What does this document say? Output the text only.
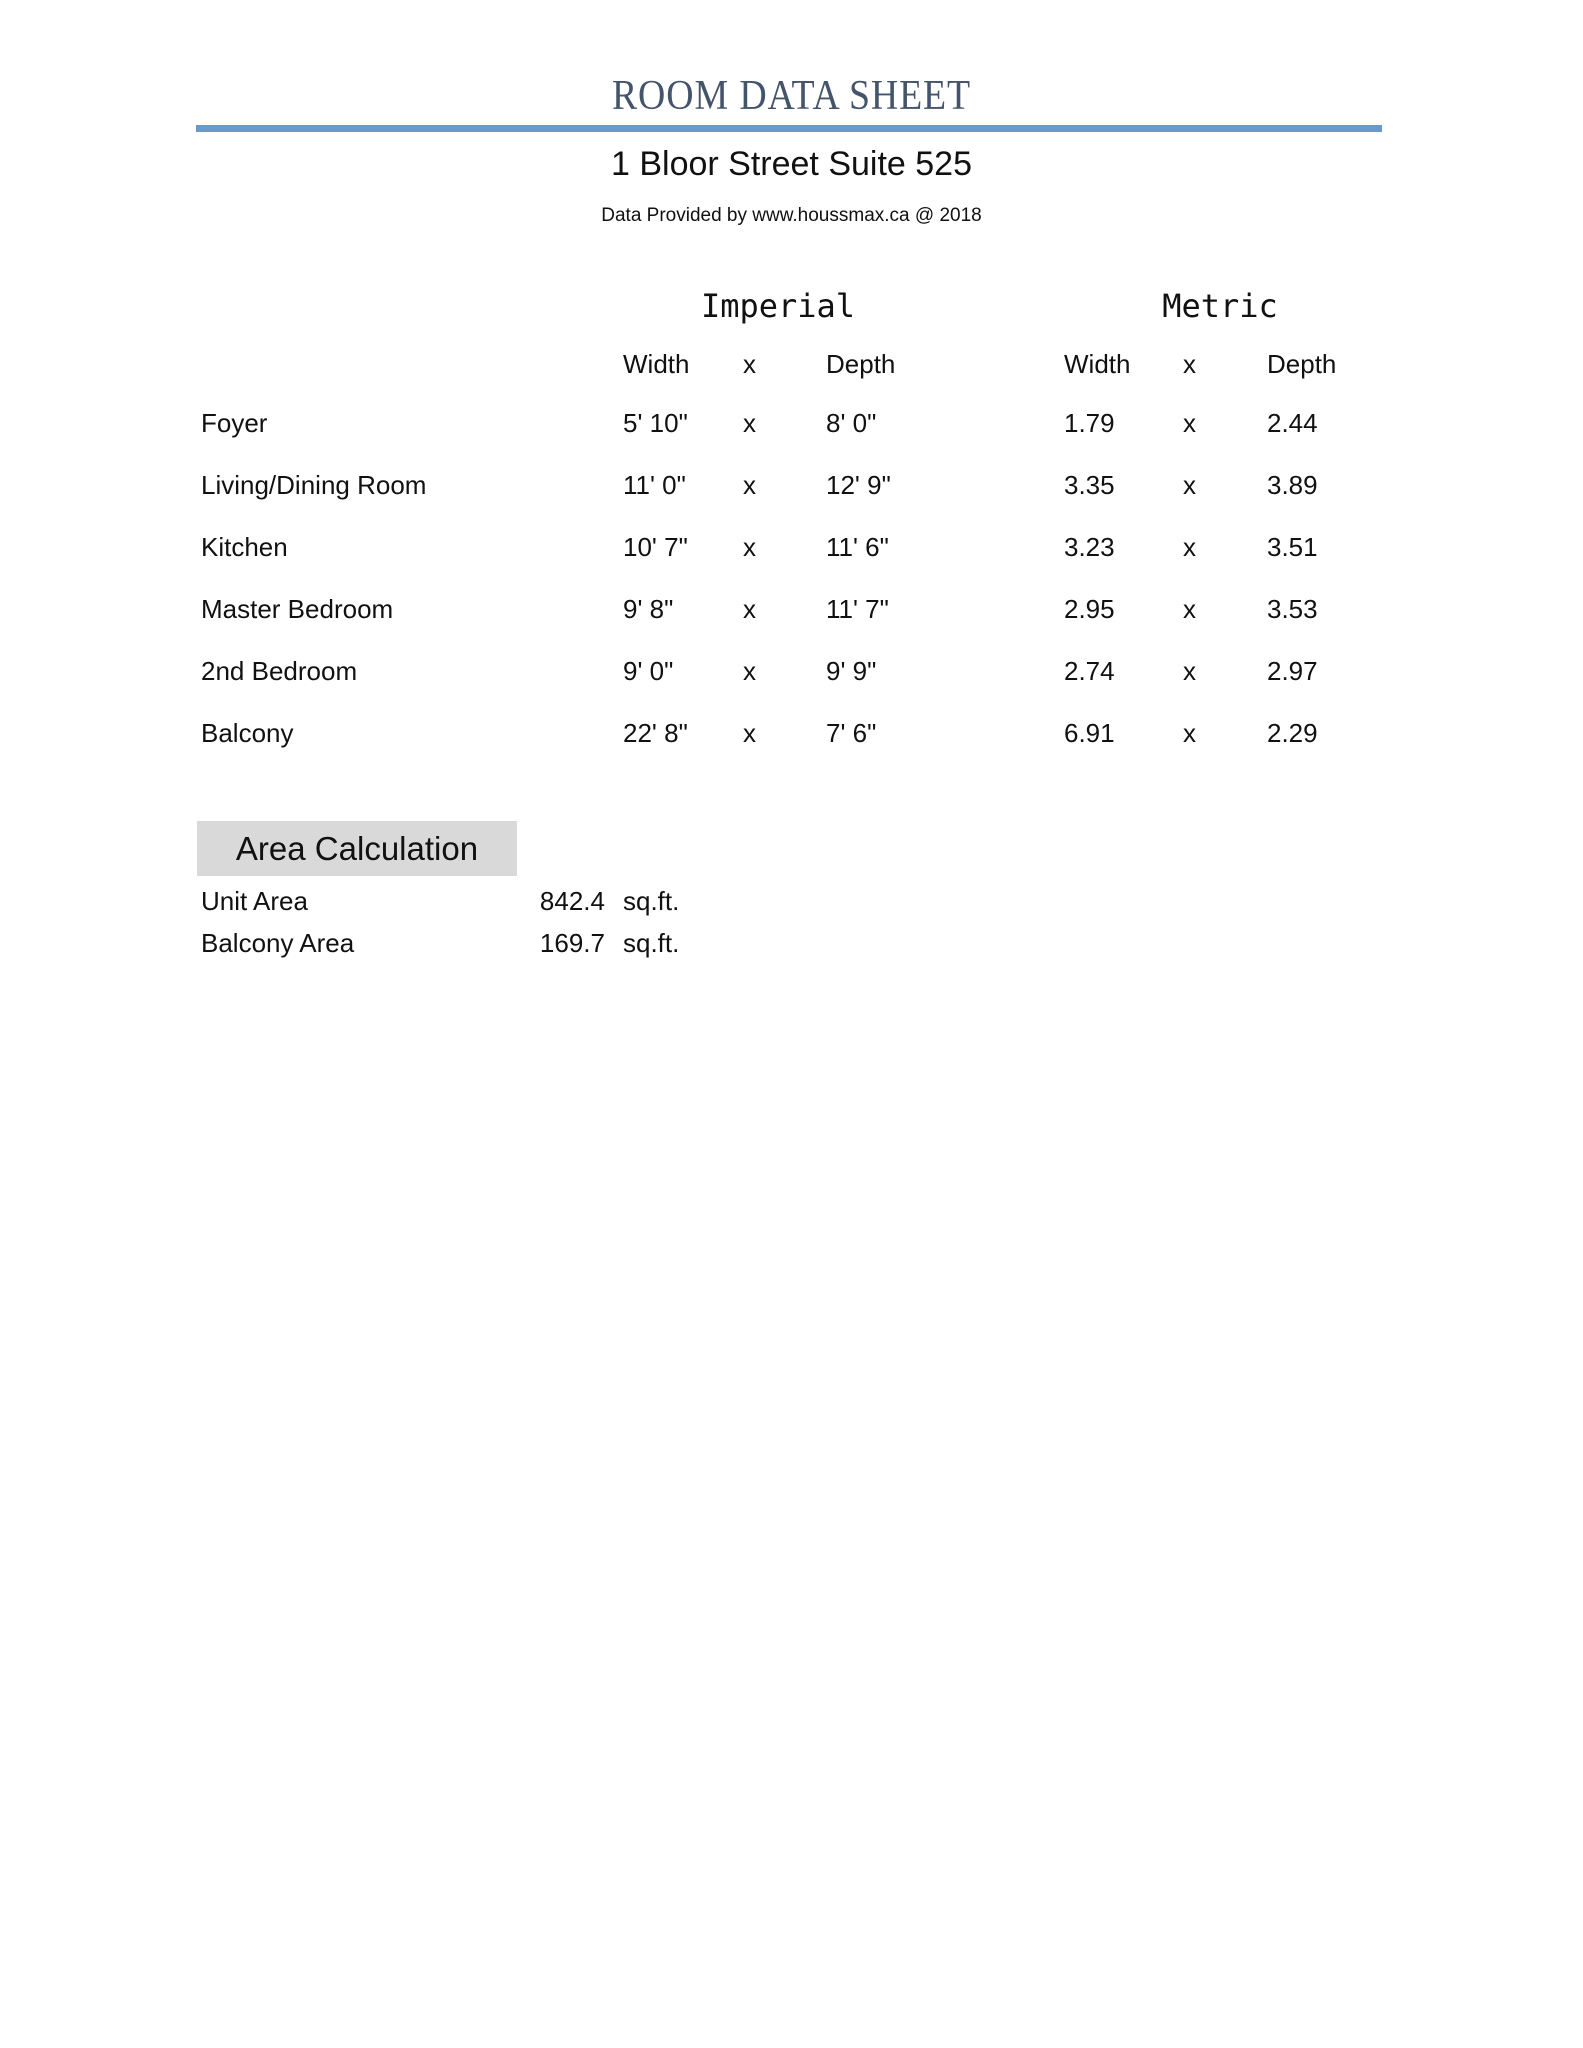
ROOM DATA SHEET
1 Bloor Street Suite 525
Data Provided by www.houssmax.ca @ 2018
Imperial	Metric
Width x	Depth	Width x	Depth
Foyer	5' 10" x	8' 0"	1.79	x	2.44
Living/Dining Room	11' 0" x	12' 9"	3.35	x	3.89
Kitchen	10' 7" x	11' 6"	3.23	x	3.51
Master Bedroom	9' 8"	x	11' 7"	2.95	x	3.53
2nd Bedroom	9' 0"	x	9' 9"	2.74	x	2.97
Balcony	22' 8" x	7' 6"	6.91	x	2.29
Area Calculation
Unit Area	842.4 sq.ft.
Balcony Area	169.7 sq.ft.
